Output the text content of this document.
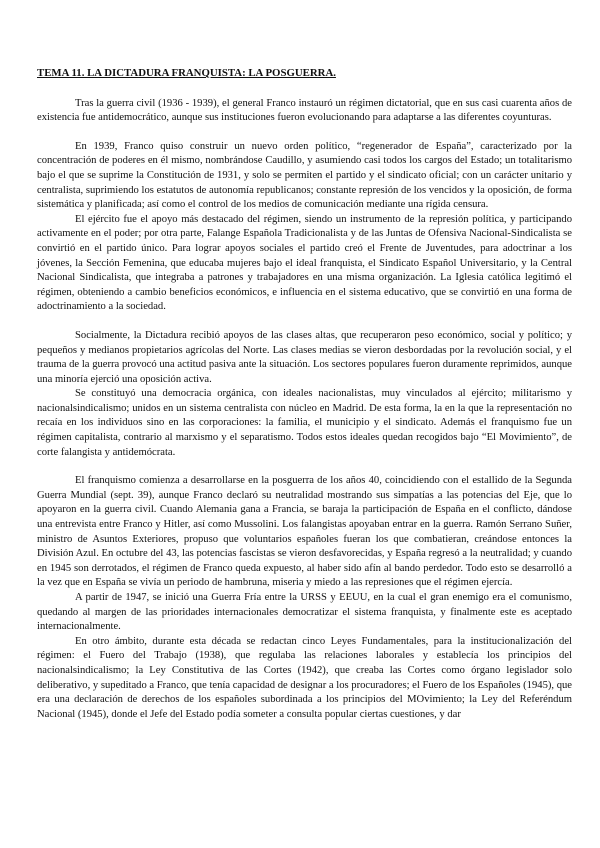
TEMA 11. LA DICTADURA FRANQUISTA: LA POSGUERRA.

Tras la guerra civil (1936 - 1939), el general Franco instauró un régimen dictatorial, que en sus casi cuarenta años de existencia fue antidemocrático, aunque sus instituciones fueron evolucionando para adaptarse a las diferentes coyunturas.

En 1939, Franco quiso construir un nuevo orden político, “regenerador de España”, caracterizado por la concentración de poderes en él mismo, nombrándose Caudillo, y asumiendo casi todos los cargos del Estado; un totalitarismo bajo el que se suprime la Constitución de 1931, y solo se permiten el partido y el sindicato oficial; con un carácter unitario y centralista, suprimiendo los estatutos de autonomía republicanos; constante represión de los vencidos y la oposición, de forma sistemática y planificada; así como el control de los medios de comunicación mediante una rígida censura.

El ejército fue el apoyo más destacado del régimen, siendo un instrumento de la represión política, y participando activamente en el poder; por otra parte, Falange Española Tradicionalista y de las Juntas de Ofensiva Nacional-Sindicalista se convirtió en el partido único. Para lograr apoyos sociales el partido creó el Frente de Juventudes, para adoctrinar a los jóvenes, la Sección Femenina, que educaba mujeres bajo el ideal franquista, el Sindicato Español Universitario, y la Central Nacional Sindicalista, que integraba a patrones y trabajadores en una misma organización. La Iglesia católica legitimó el régimen, obteniendo a cambio beneficios económicos, e influencia en el sistema educativo, que se convirtió en una forma de adoctrinamiento a la sociedad.

Socialmente, la Dictadura recibió apoyos de las clases altas, que recuperaron peso económico, social y político; y pequeños y medianos propietarios agrícolas del Norte. Las clases medias se vieron desbordadas por la revolución social, y el trauma de la guerra provocó una actitud pasiva ante la situación. Los sectores populares fueron duramente reprimidos, aunque una minoría ejerció una oposición activa.

Se constituyó una democracia orgánica, con ideales nacionalistas, muy vinculados al ejército; militarismo y nacionalsindicalismo; unidos en un sistema centralista con núcleo en Madrid. De esta forma, la en la que la representación no recaía en los individuos sino en las corporaciones: la familia, el municipio y el sindicato. Además el franquismo fue un régimen capitalista, contrario al marxismo y el separatismo. Todos estos ideales quedan recogidos bajo “El Movimiento”, de corte falangista y antidemócrata.

El franquismo comienza a desarrollarse en la posguerra de los años 40, coincidiendo con el estallido de la Segunda Guerra Mundial (sept. 39), aunque Franco declaró su neutralidad mostrando sus simpatías a las potencias del Eje, que lo apoyaron en la guerra civil. Cuando Alemania gana a Francia, se baraja la participación de España en el conflicto, dándose una entrevista entre Franco y Hitler, así como Mussolini. Los falangistas apoyaban entrar en la guerra. Ramón Serrano Suñer, ministro de Asuntos Exteriores, propuso que voluntarios españoles fueran los que combatieran, creándose entonces la División Azul. En octubre del 43, las potencias fascistas se vieron desfavorecidas, y España regresó a la neutralidad; y cuando en 1945 son derrotados, el régimen de Franco queda expuesto, al haber sido afín al bando perdedor. Todo esto se desarrolló a la vez que en España se vivía un periodo de hambruna, miseria y miedo a las represiones que el régimen ejercía.

A partir de 1947, se inició una Guerra Fría entre la URSS y EEUU, en la cual el gran enemigo era el comunismo, quedando al margen de las prioridades internacionales democratizar el sistema franquista, y finalmente este es aceptado internacionalmente.

En otro ámbito, durante esta década se redactan cinco Leyes Fundamentales, para la institucionalización del régimen: el Fuero del Trabajo (1938), que regulaba las relaciones laborales y establecía los principios del nacionalsindicalismo; la Ley Constitutiva de las Cortes (1942), que creaba las Cortes como órgano legislador solo deliberativo, y supeditado a Franco, que tenía capacidad de designar a los procuradores; el Fuero de los Españoles (1945), que era una declaración de derechos de los españoles subordinada a los principios del MOvimiento; la Ley del Referéndum Nacional (1945), donde el Jefe del Estado podía someter a consulta popular ciertas cuestiones, y dar
